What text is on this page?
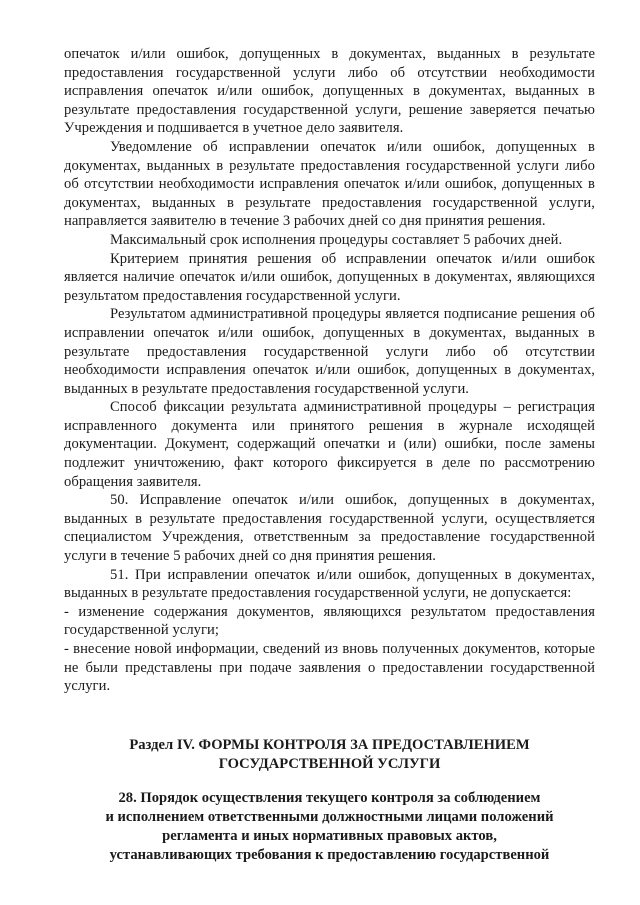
опечаток и/или ошибок, допущенных в документах, выданных в результате предоставления государственной услуги либо об отсутствии необходимости исправления опечаток и/или ошибок, допущенных в документах, выданных в результате предоставления государственной услуги, решение заверяется печатью Учреждения и подшивается в учетное дело заявителя.

Уведомление об исправлении опечаток и/или ошибок, допущенных в документах, выданных в результате предоставления государственной услуги либо об отсутствии необходимости исправления опечаток и/или ошибок, допущенных в документах, выданных в результате предоставления государственной услуги, направляется заявителю в течение 3 рабочих дней со дня принятия решения.

Максимальный срок исполнения процедуры составляет 5 рабочих дней.

Критерием принятия решения об исправлении опечаток и/или ошибок является наличие опечаток и/или ошибок, допущенных в документах, являющихся результатом предоставления государственной услуги.

Результатом административной процедуры является подписание решения об исправлении опечаток и/или ошибок, допущенных в документах, выданных в результате предоставления государственной услуги либо об отсутствии необходимости исправления опечаток и/или ошибок, допущенных в документах, выданных в результате предоставления государственной услуги.

Способ фиксации результата административной процедуры – регистрация исправленного документа или принятого решения в журнале исходящей документации. Документ, содержащий опечатки и (или) ошибки, после замены подлежит уничтожению, факт которого фиксируется в деле по рассмотрению обращения заявителя.

50. Исправление опечаток и/или ошибок, допущенных в документах, выданных в результате предоставления государственной услуги, осуществляется специалистом Учреждения, ответственным за предоставление государственной услуги в течение 5 рабочих дней со дня принятия решения.

51. При исправлении опечаток и/или ошибок, допущенных в документах, выданных в результате предоставления государственной услуги, не допускается:

- изменение содержания документов, являющихся результатом предоставления государственной услуги;

- внесение новой информации, сведений из вновь полученных документов, которые не были представлены при подаче заявления о предоставлении государственной услуги.

Раздел IV. ФОРМЫ КОНТРОЛЯ ЗА ПРЕДОСТАВЛЕНИЕМ

ГОСУДАРСТВЕННОЙ УСЛУГИ

28. Порядок осуществления текущего контроля за соблюдением

и исполнением ответственными должностными лицами положений

регламента и иных нормативных правовых актов,

устанавливающих требования к предоставлению государственной
